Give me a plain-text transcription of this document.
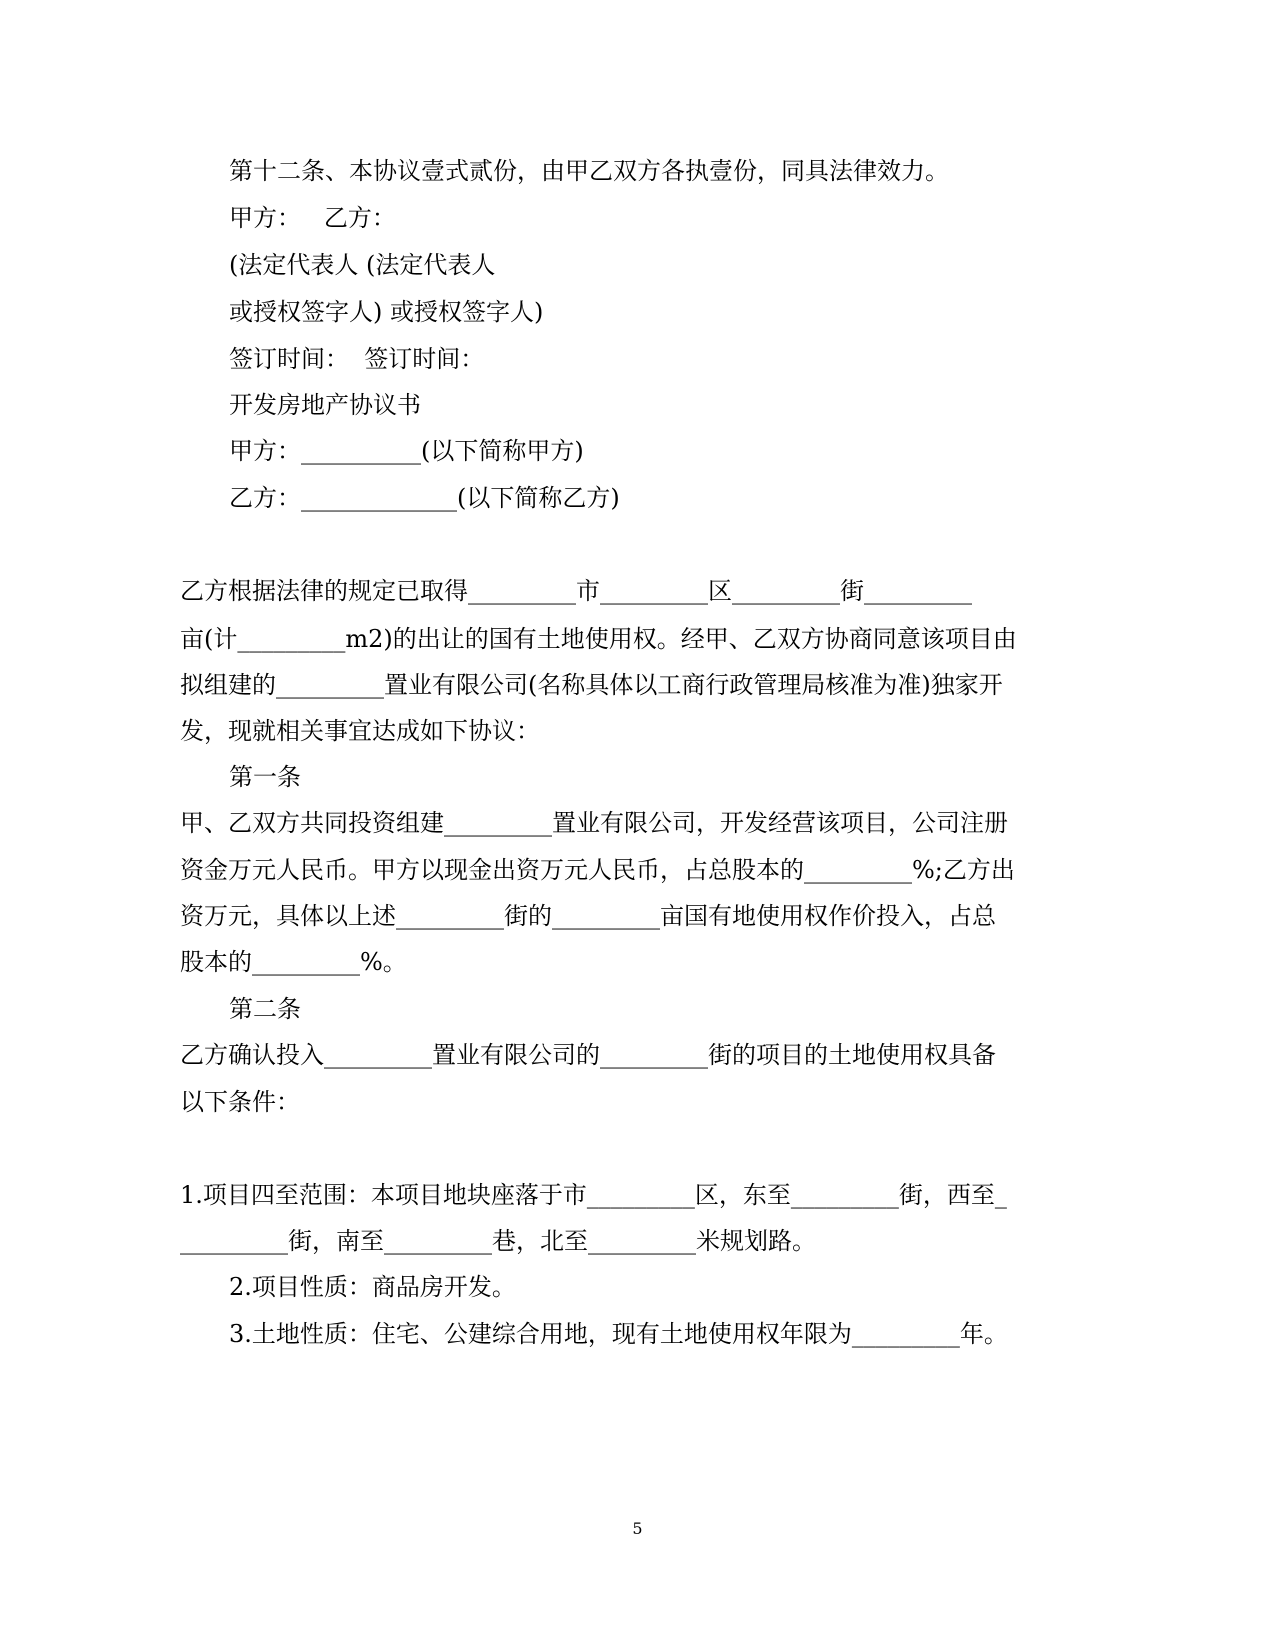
第十二条、本协议壹式贰份，由甲乙双方各执壹份，同具法律效力。
甲方：   乙方：
(法定代表人 (法定代表人
或授权签字人) 或授权签字人)
签订时间：  签订时间：
开发房地产协议书
甲方：__________(以下简称甲方)
乙方：_____________(以下简称乙方)
乙方根据法律的规定已取得_________市_________区_________街_________
亩(计_________m2)的出让的国有土地使用权。经甲、乙双方协商同意该项目由
拟组建的_________置业有限公司(名称具体以工商行政管理局核准为准)独家开
发，现就相关事宜达成如下协议：
第一条
甲、乙双方共同投资组建_________置业有限公司，开发经营该项目，公司注册
资金万元人民币。甲方以现金出资万元人民币，占总股本的_________%;乙方出
资万元，具体以上述_________街的_________亩国有地使用权作价投入，占总
股本的_________%。
第二条
乙方确认投入_________置业有限公司的_________街的项目的土地使用权具备
以下条件：
1.项目四至范围：本项目地块座落于市_________区，东至_________街，西至_
_________街，南至_________巷，北至_________米规划路。
2.项目性质：商品房开发。
3.土地性质：住宅、公建综合用地，现有土地使用权年限为_________年。
5
